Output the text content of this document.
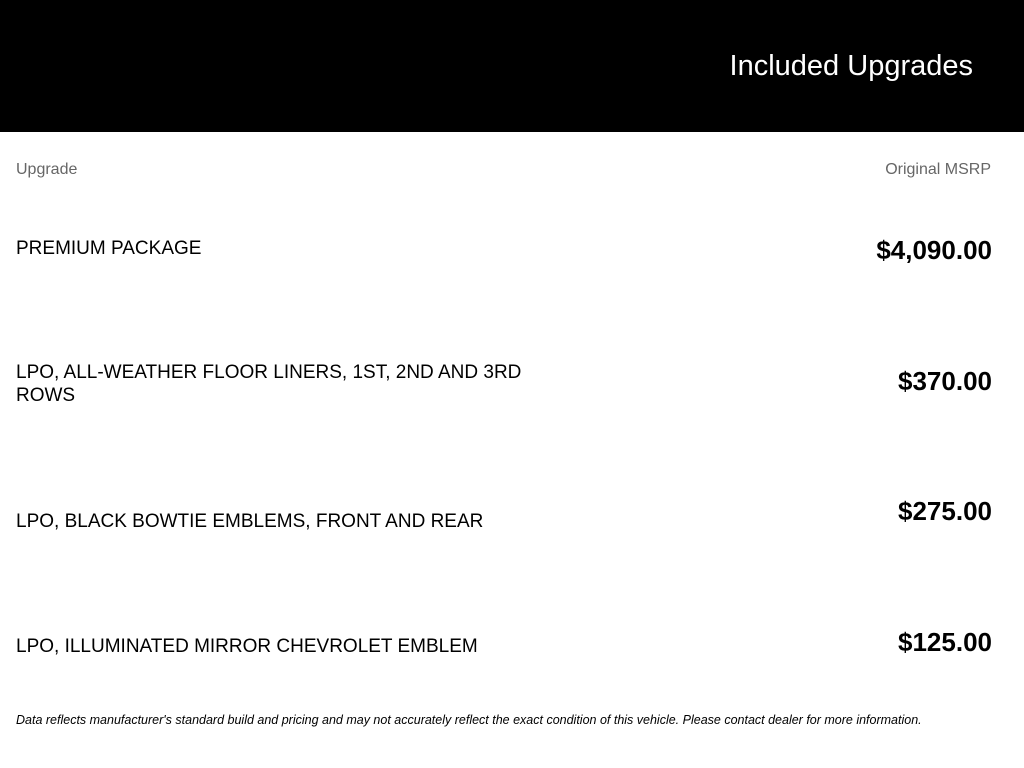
Included Upgrades
Upgrade	Original MSRP
PREMIUM PACKAGE	$4,090.00
LPO, ALL-WEATHER FLOOR LINERS, 1ST, 2ND AND 3RD ROWS	$370.00
LPO, BLACK BOWTIE EMBLEMS, FRONT AND REAR	$275.00
LPO, ILLUMINATED MIRROR CHEVROLET EMBLEM	$125.00
Data reflects manufacturer's standard build and pricing and may not accurately reflect the exact condition of this vehicle. Please contact dealer for more information.
